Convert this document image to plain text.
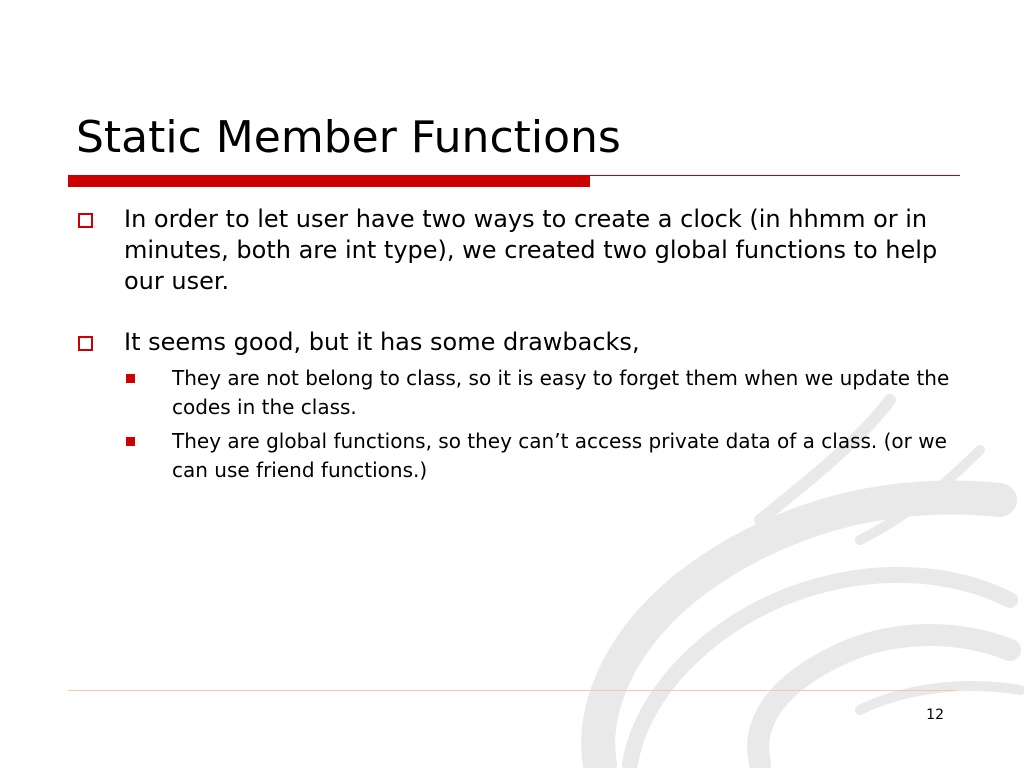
Static Member Functions
In order to let user have two ways to create a clock (in hhmm or in minutes, both are int type), we created two global functions to help our user.
It seems good, but it has some drawbacks,
They are not belong to class, so it is easy to forget them when we update the codes in the class.
They are global functions, so they can’t access private data of a class. (or we can use friend functions.)
12
